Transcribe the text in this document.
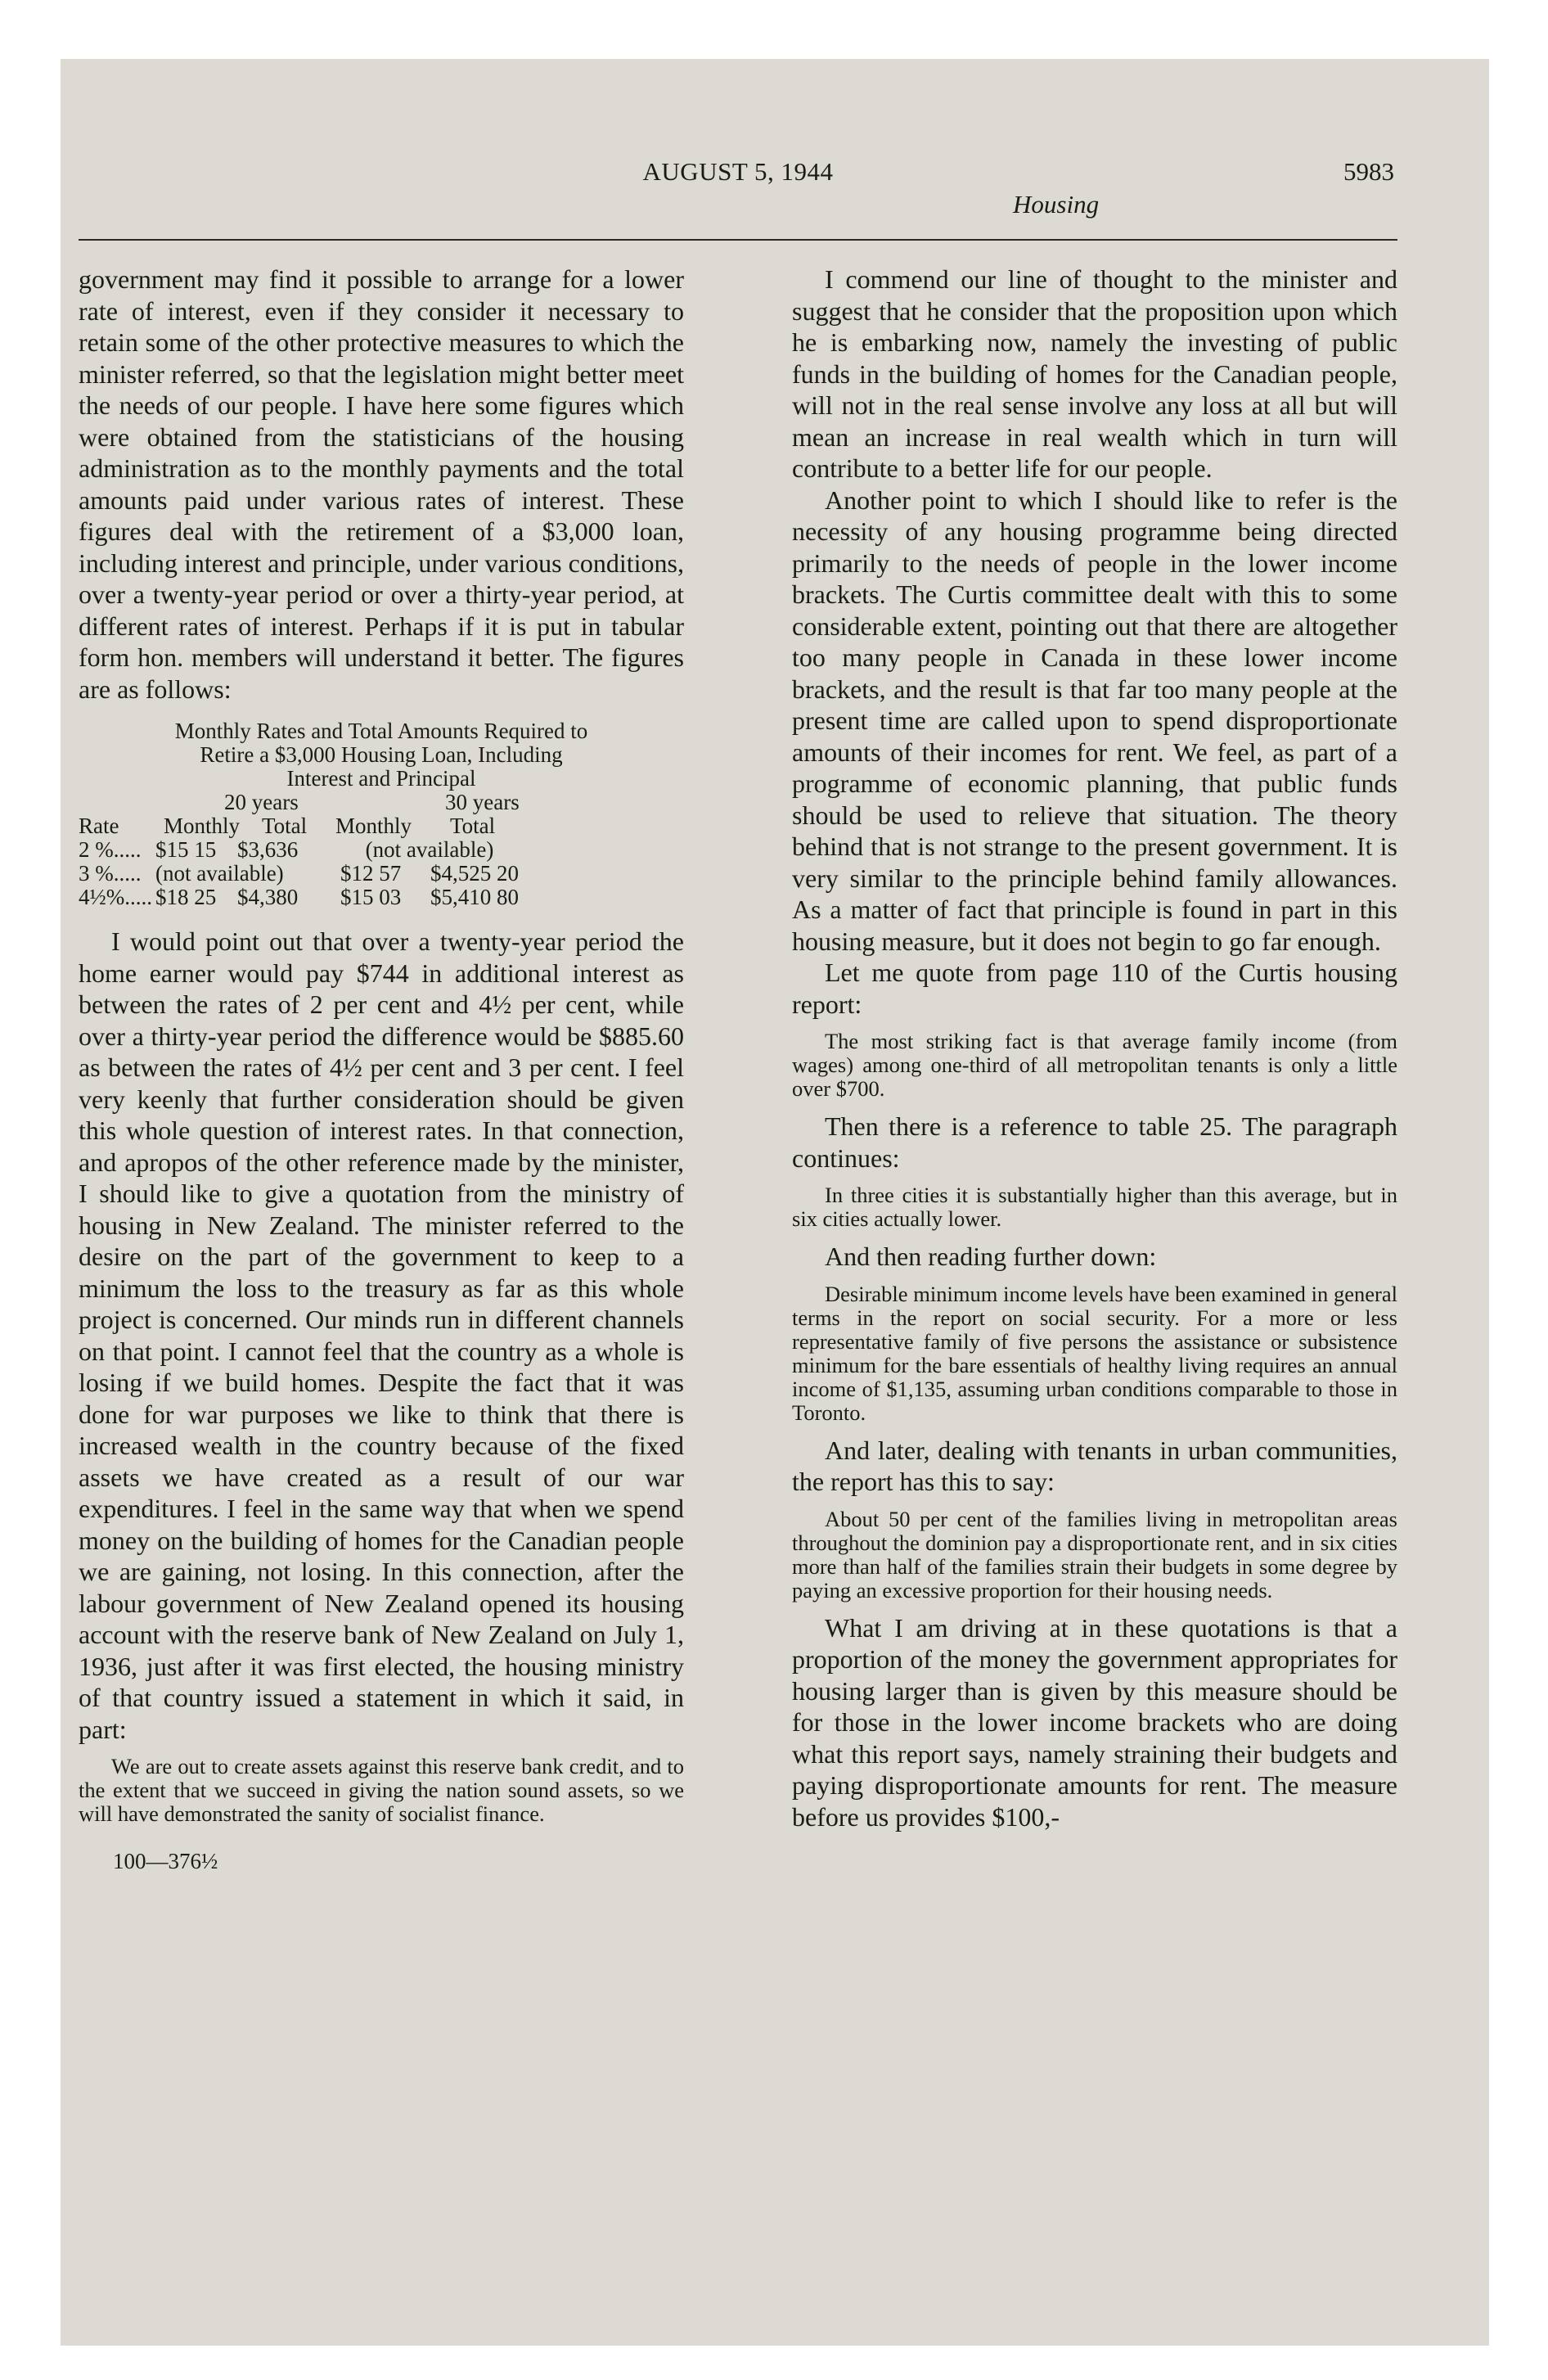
AUGUST 5, 1944	5983
Housing

government may find it possible to arrange for a lower rate of interest, even if they consider it necessary to retain some of the other protective measures to which the minister referred, so that the legislation might better meet the needs of our people. I have here some figures which were obtained from the statisticians of the housing administration as to the monthly payments and the total amounts paid under various rates of interest. These figures deal with the retirement of a $3,000 loan, including interest and principle, under various conditions, over a twenty-year period or over a thirty-year period, at different rates of interest. Perhaps if it is put in tabular form hon. members will understand it better. The figures are as follows:

Monthly Rates and Total Amounts Required to

Retire a $3,000 Housing Loan, Including

Interest and Principal

20 years	30 years
Rate	Monthly Total	Monthly	Total
2 %..... $15 15 $3,636	(not available)
3 %..... (not available)	$12 57	$4,525 20
4½%..... $18 25 $4,380	$15 03	$5,410 80

I would point out that over a twenty-year period the home earner would pay $744 in additional interest as between the rates of 2 per cent and 4½ per cent, while over a thirty-year period the difference would be $885.60 as between the rates of 4½ per cent and 3 per cent. I feel very keenly that further consideration should be given this whole question of interest rates. In that connection, and apropos of the other reference made by the minister, I should like to give a quotation from the ministry of housing in New Zealand. The minister referred to the desire on the part of the government to keep to a minimum the loss to the treasury as far as this whole project is concerned. Our minds run in different channels on that point. I cannot feel that the country as a whole is losing if we build homes. Despite the fact that it was done for war purposes we like to think that there is increased wealth in the country because of the fixed assets we have created as a result of our war expenditures. I feel in the same way that when we spend money on the building of homes for the Canadian people we are gaining, not losing. In this connection, after the labour government of New Zealand opened its housing account with the reserve bank of New Zealand on July 1, 1936, just after it was first elected, the housing ministry of that country issued a statement in which it said, in part:

We are out to create assets against this reserve bank credit, and to the extent that we succeed in giving the nation sound assets, so we will have demonstrated the sanity of socialist finance.

100—376½

I commend our line of thought to the minister and suggest that he consider that the proposition upon which he is embarking now, namely the investing of public funds in the building of homes for the Canadian people, will not in the real sense involve any loss at all but will mean an increase in real wealth which in turn will contribute to a better life for our people.

Another point to which I should like to refer is the necessity of any housing programme being directed primarily to the needs of people in the lower income brackets. The Curtis committee dealt with this to some considerable extent, pointing out that there are altogether too many people in Canada in these lower income brackets, and the result is that far too many people at the present time are called upon to spend disproportionate amounts of their incomes for rent. We feel, as part of a programme of economic planning, that public funds should be used to relieve that situation. The theory behind that is not strange to the present government. It is very similar to the principle behind family allowances. As a matter of fact that principle is found in part in this housing measure, but it does not begin to go far enough.

Let me quote from page 110 of the Curtis housing report:

The most striking fact is that average family income (from wages) among one-third of all metropolitan tenants is only a little over $700.

Then there is a reference to table 25. The paragraph continues:

In three cities it is substantially higher than this average, but in six cities actually lower.

And then reading further down:

Desirable minimum income levels have been examined in general terms in the report on social security. For a more or less representative family of five persons the assistance or subsistence minimum for the bare essentials of healthy living requires an annual income of $1,135, assuming urban conditions comparable to those in Toronto.

And later, dealing with tenants in urban communities, the report has this to say:

About 50 per cent of the families living in metropolitan areas throughout the dominion pay a disproportionate rent, and in six cities more than half of the families strain their budgets in some degree by paying an excessive proportion for their housing needs.

What I am driving at in these quotations is that a proportion of the money the government appropriates for housing larger than is given by this measure should be for those in the lower income brackets who are doing what this report says, namely straining their budgets and paying disproportionate amounts for rent. The measure before us provides $100,-
